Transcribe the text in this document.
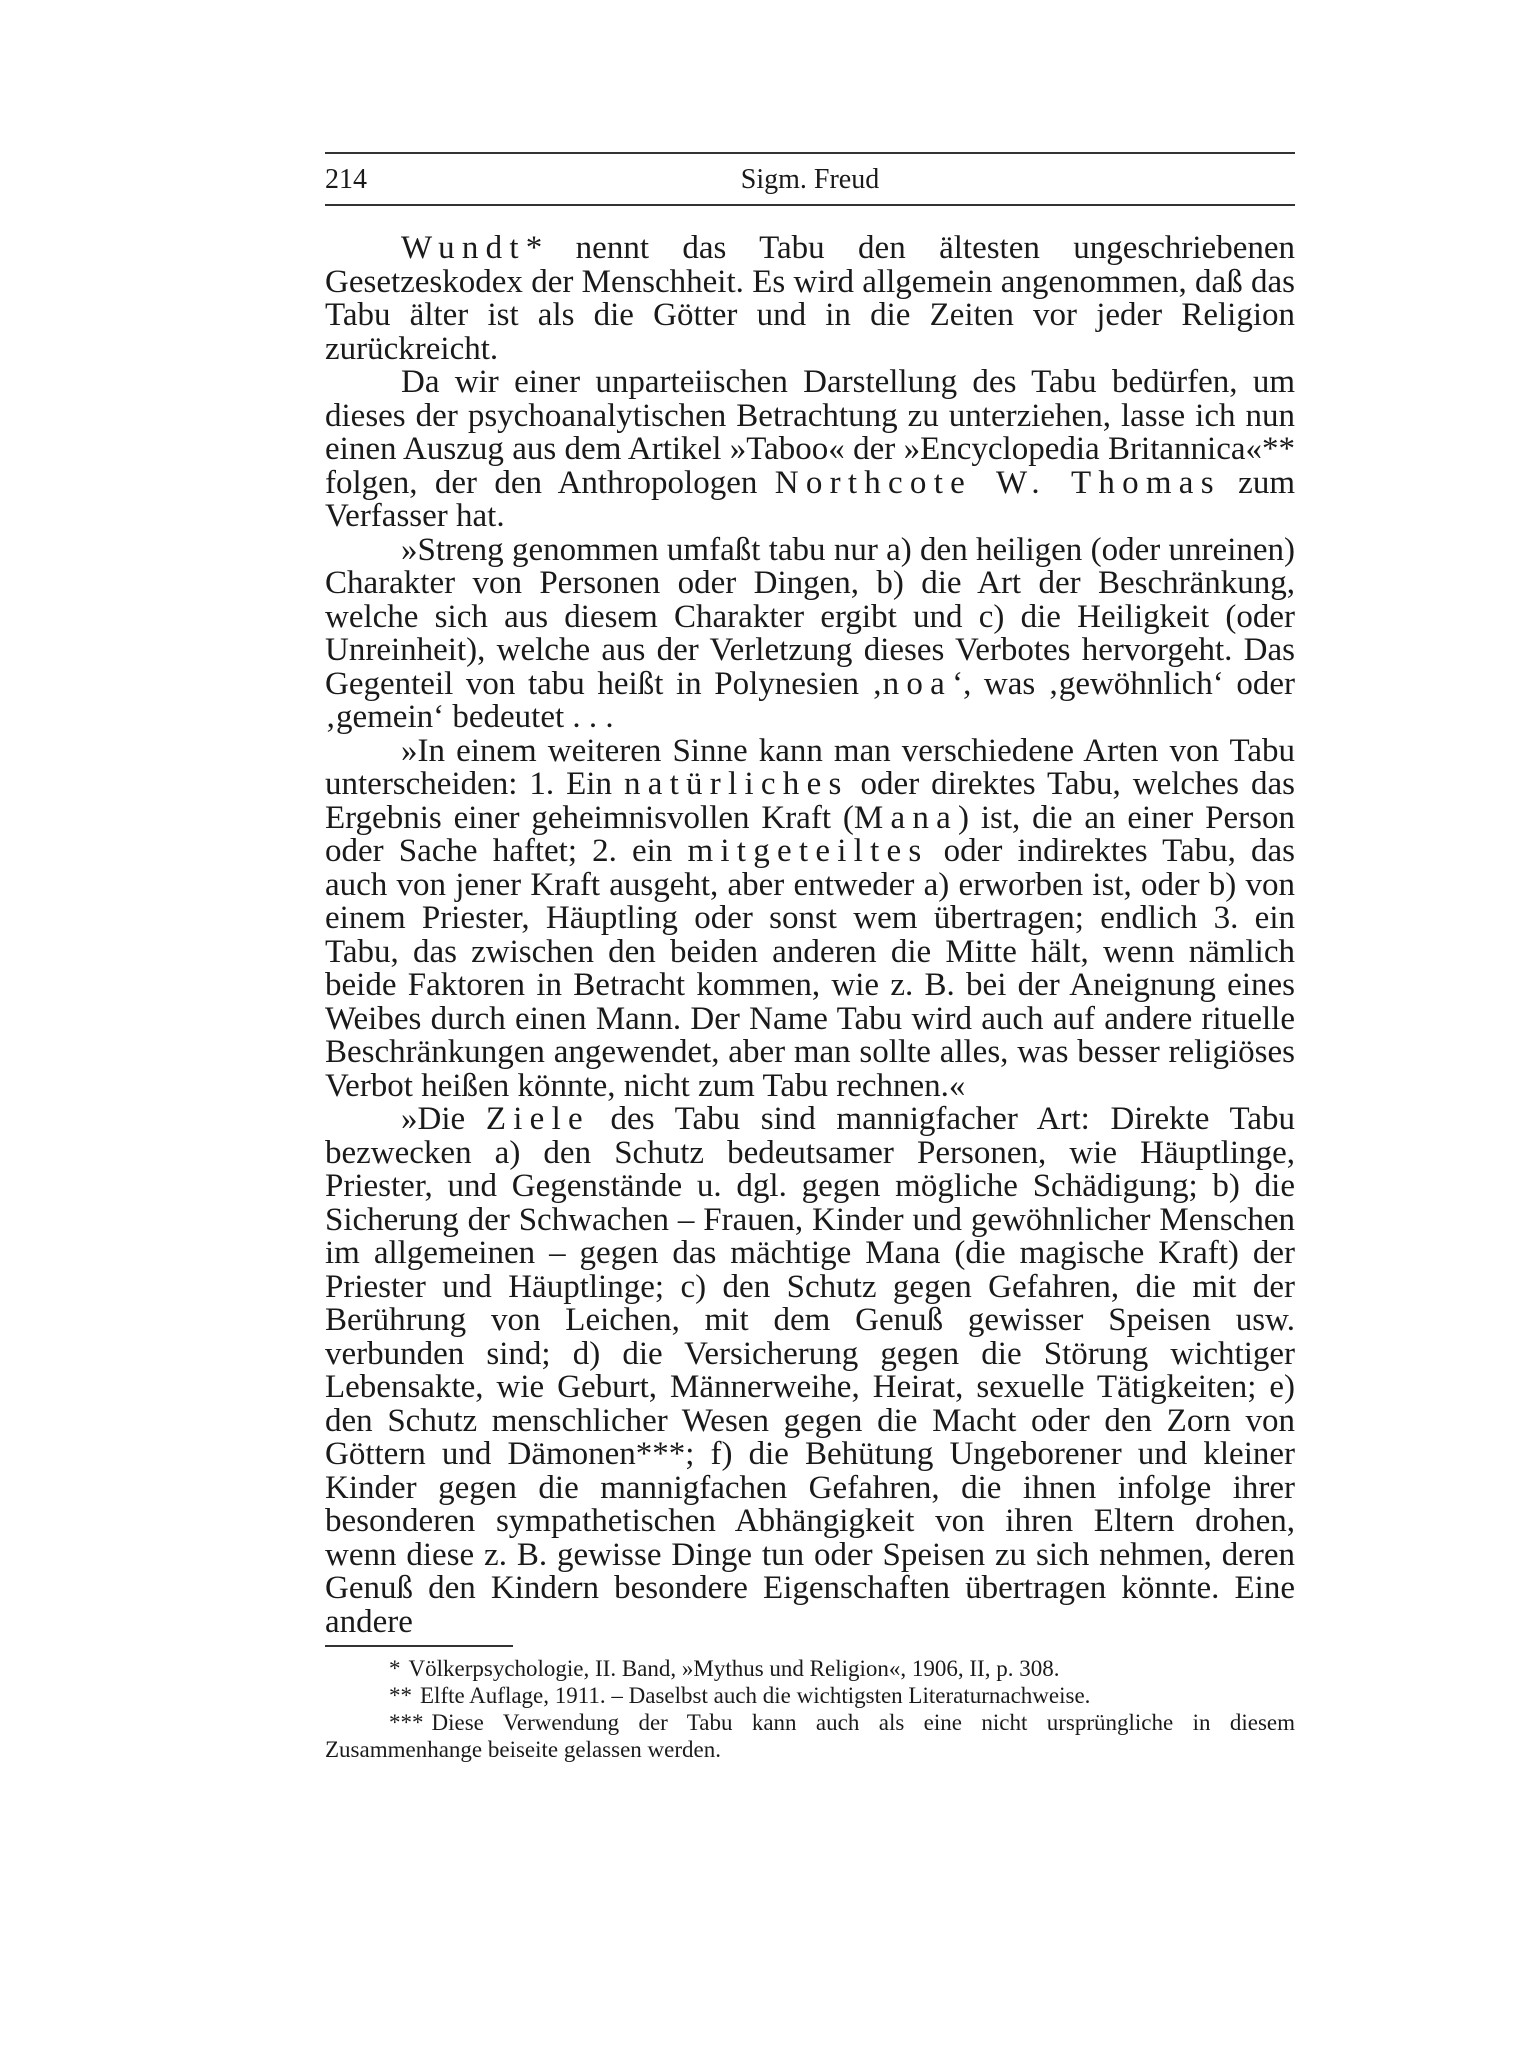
214	Sigm. Freud

Wundt* nennt das Tabu den ältesten ungeschriebenen Gesetzeskodex der Menschheit. Es wird allgemein angenommen, daß das Tabu älter ist als die Götter und in die Zeiten vor jeder Religion zurückreicht.

Da wir einer unparteiischen Darstellung des Tabu bedürfen, um dieses der psychoanalytischen Betrachtung zu unterziehen, lasse ich nun einen Auszug aus dem Artikel »Taboo« der »Encyclopedia Britannica«** folgen, der den Anthropologen Northcote W. Thomas zum Verfasser hat.

»Streng genommen umfaßt tabu nur a) den heiligen (oder unreinen) Charakter von Personen oder Dingen, b) die Art der Beschränkung, welche sich aus diesem Charakter ergibt und c) die Heiligkeit (oder Unreinheit), welche aus der Verletzung dieses Verbotes hervorgeht. Das Gegenteil von tabu heißt in Polynesien ‚noa‘, was ‚gewöhnlich‘ oder ‚gemein‘ bedeutet . . .

»In einem weiteren Sinne kann man verschiedene Arten von Tabu unterscheiden: 1. Ein natürliches oder direktes Tabu, welches das Ergebnis einer geheimnisvollen Kraft (Mana) ist, die an einer Person oder Sache haftet; 2. ein mitgeteiltes oder indirektes Tabu, das auch von jener Kraft ausgeht, aber entweder a) erworben ist, oder b) von einem Priester, Häuptling oder sonst wem übertragen; endlich 3. ein Tabu, das zwischen den beiden anderen die Mitte hält, wenn nämlich beide Faktoren in Betracht kommen, wie z. B. bei der Aneignung eines Weibes durch einen Mann. Der Name Tabu wird auch auf andere rituelle Beschränkungen angewendet, aber man sollte alles, was besser religiöses Verbot heißen könnte, nicht zum Tabu rechnen.«

»Die Ziele des Tabu sind mannigfacher Art: Direkte Tabu bezwecken a) den Schutz bedeutsamer Personen, wie Häuptlinge, Priester, und Gegenstände u. dgl. gegen mögliche Schädigung; b) die Sicherung der Schwachen – Frauen, Kinder und gewöhnlicher Menschen im allgemeinen – gegen das mächtige Mana (die magische Kraft) der Priester und Häuptlinge; c) den Schutz gegen Gefahren, die mit der Berührung von Leichen, mit dem Genuß gewisser Speisen usw. verbunden sind; d) die Versicherung gegen die Störung wichtiger Lebensakte, wie Geburt, Männerweihe, Heirat, sexuelle Tätigkeiten; e) den Schutz menschlicher Wesen gegen die Macht oder den Zorn von Göttern und Dämonen***; f) die Behütung Ungeborener und kleiner Kinder gegen die mannigfachen Gefahren, die ihnen infolge ihrer besonderen sympathetischen Abhängigkeit von ihren Eltern drohen, wenn diese z. B. gewisse Dinge tun oder Speisen zu sich nehmen, deren Genuß den Kindern besondere Eigenschaften übertragen könnte. Eine andere

* Völkerpsychologie, II. Band, »Mythus und Religion«, 1906, II, p. 308.

** Elfte Auflage, 1911. – Daselbst auch die wichtigsten Literaturnachweise.

*** Diese Verwendung der Tabu kann auch als eine nicht ursprüngliche in diesem Zusammenhange beiseite gelassen werden.
